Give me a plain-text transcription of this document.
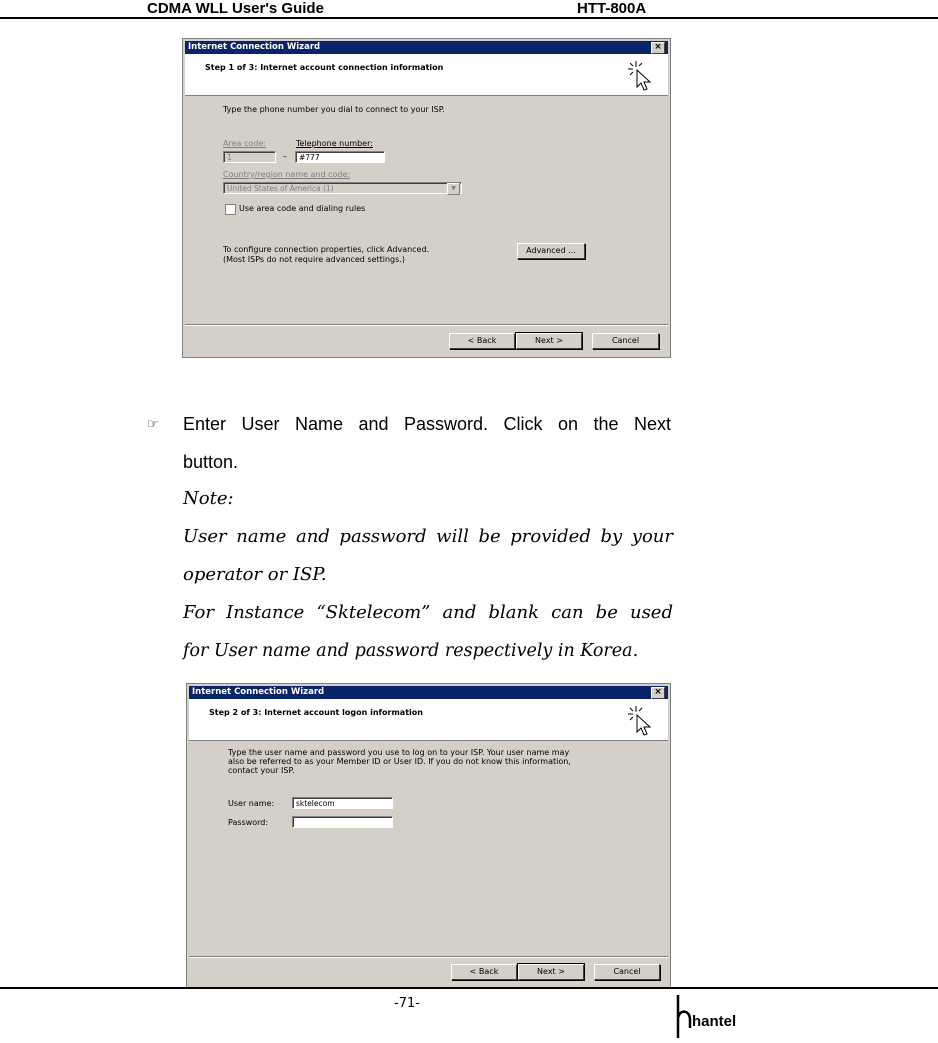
CDMA WLL User's Guide	HTT-800A
Internet Connection Wizard	×
Step 1 of 3: Internet account connection information
Type the phone number you dial to connect to your ISP.
Area code:
1	–
Telephone number:
#777
Country/region name and code:
United States of America (1)	▼
Use area code and dialing rules
To configure connection properties, click Advanced.
(Most ISPs do not require advanced settings.)
Advanced ...
< Back	Next >	Cancel
☞ Enter User Name and Password. Click on the Next
button.
Note:
User name and password will be provided by your
operator or ISP.
For Instance “Sktelecom” and blank can be used
for User name and password respectively in Korea.
Internet Connection Wizard	×
Step 2 of 3: Internet account logon information
Type the user name and password you use to log on to your ISP. Your user name may
also be referred to as your Member ID or User ID. If you do not know this information,
contact your ISP.
User name:	sktelecom
Password:
< Back	Next >	Cancel
-71-
hantel
